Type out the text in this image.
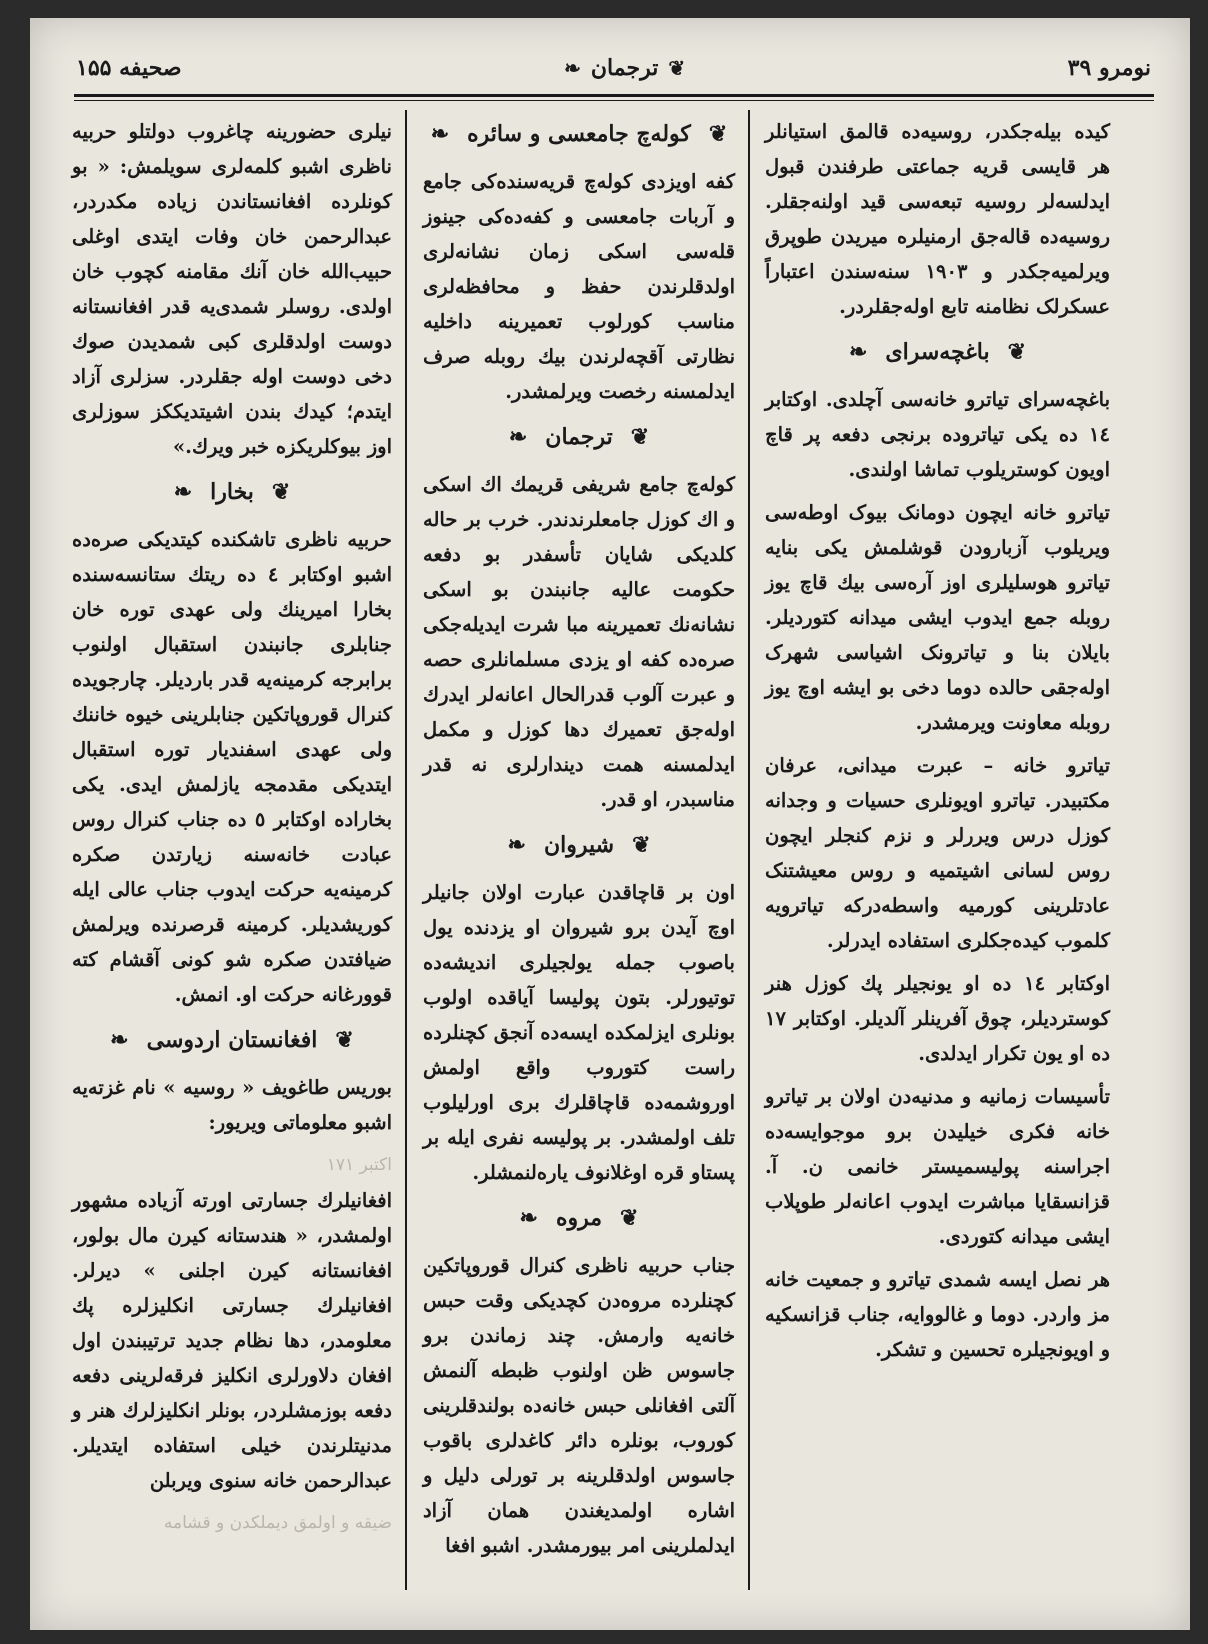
نومرو ۳۹
❦
ترجمان
❧
صحیفه ۱۵۵

کیده بیله‌جکدر، روسیه‌ده قالمق استیانلر هر قایسی قریه جماعتی طرفندن قبول ایدلسه‌لر روسیه تبعه‌سی قید اولنه‌جقلر. روسیه‌ده قاله‌جق ارمنیلره میریدن طوپرق ویرلمیه‌جکدر و ۱۹۰۳ سنه‌سندن اعتباراً عسکرلک نظامنه تابع اوله‌جقلردر.

❦
باغچه‌سرای
❧

باغچه‌سرای تیاترو خانه‌سی آچلدی. اوکتابر ۱٤ ده یکی تیاتروده برنجی دفعه پر قاچ اویون کوستریلوب تماشا اولندی.

تیاترو خانه ایچون دومانک بیوک اوطه‌سی ویریلوب آزبارودن قوشلمش یکی بنایه تیاترو هوسلیلری اوز آره‌سی بیك قاچ یوز روبله جمع ایدوب ایشی میدانه کتوردیلر. بایلان بنا و تیاترونک اشیاسی شهرک اوله‌جقی حالده دوما دخی بو ایشه اوچ یوز روبله معاونت ویرمشدر.

تیاترو خانه – عبرت میدانی، عرفان مکتبیدر. تیاترو اویونلری حسیات و وجدانه کوزل درس ویررلر و نزم کنجلر ایچون روس لسانی اشیتمیه و روس معیشتنک عادتلرینی کورمیه واسطه‌درکه تیاترویه کلموب کیده‌جکلری استفاده ایدرلر.

اوکتابر ۱٤ ده او یونجیلر پك کوزل هنر کوستردیلر، چوق آفرینلر آلدیلر. اوکتابر ۱۷ ده او یون تکرار ایدلدی.

تأسیسات زمانیه و مدنیه‌دن اولان بر تیاترو خانه فکری خیلیدن برو موجوایسه‌ده اجراسنه پولیسمیستر خانمی ن. آ. قزانسقایا مباشرت ایدوب اعانه‌لر طوپلاب ایشی میدانه کتوردی.

هر نصل ایسه شمدی تیاترو و جمعیت خانه مز واردر. دوما و غالووایه، جناب قزانسکیه و اویونجیلره تحسین و تشکر.

❦
کوله‌چ جامعسی و سائره
❧

کفه اویزدی کوله‌چ قریه‌سنده‌کی جامع و آربات جامعسی و کفه‌ده‌کی جینوز قله‌سی اسکی زمان نشانه‌لری اولدقلرندن حفظ و محافظه‌لری مناسب کورلوب تعمیرینه داخلیه نظارتی آقچه‌لرندن بیك روبله صرف ایدلمسنه رخصت ویرلمشدر.

❦
ترجمان
❧

کوله‌چ جامع شریفی قریمك اك اسکی و اك کوزل جامعلرندندر. خرب بر حاله کلدیکی شایان تأسفدر بو دفعه حکومت عالیه جانبندن بو اسکی نشانه‌نك تعمیرینه مبا شرت ایدیله‌جکی صره‌ده کفه او یزدی مسلمانلری حصه و عبرت آلوب قدرالحال اعانه‌لر ایدرك اوله‌جق تعمیرك دها کوزل و مکمل ایدلمسنه همت دیندار‌لری نه قدر مناسبدر، او قدر.

❦
شیروان
❧

اون بر قاچاقدن عبارت اولان جانیلر اوچ آیدن برو شیروان او یزدنده یول باصوب جمله یولجیلری اندیشه‌ده توتیورلر. بتون پولیسا آیاقده اولوب بونلری ایزلمکده ایسه‌ده آنجق کچنلرده راست کتوروب واقع اولمش اوروشمه‌ده قاچاقلرك بری اورلیلوب تلف اولمشدر. بر پولیسه نفری ایله بر پستاو قره اوغلانوف یاره‌لنمشلر.

❦
مروه
❧

جناب حربیه ناظری کنرال قوروپاتکین کچنلرده مروه‌دن کچدیکی وقت حبس خانه‌یه وارمش. چند زماندن برو جاسوس ظن اولنوب ظبطه آلنمش آلتی افغانلی حبس خانه‌ده بولندقلرینی کوروب، بونلره دائر کاغدلری باقوب جاسوس اولدقلرینه بر تورلی دلیل و اشاره اولمدیغندن همان آزاد ایدلملرینی امر بیورمشدر. اشبو افغا

نیلری حضورینه چاغروب دولتلو حربیه ناظری اشبو کلمه‌لری سویلمش: « بو کونلرده افغانستاندن زیاده مکدردر، عبدالرحمن خان وفات ایتدی اوغلی حبیب‌الله خان آنك مقامنه کچوب خان اولدی. روسلر شمدی‌یه قدر افغانستانه دوست اولدقلری کبی شمدیدن صوك دخی دوست اوله جقلردر. سزلری آزاد ایتدم؛ کیدك بندن اشیتدیککز سوزلری اوز بیوکلریکزه خبر ویرك.»

❦
بخارا
❧

حربیه ناظری تاشکنده کیتدیکی صره‌ده اشبو اوکتابر ٤ ده ریتك ستانسه‌سنده بخارا امیرینك ولی عهدی توره خان جنابلری جانبندن استقبال اولنوب برابرجه کرمینه‌یه قدر باردیلر. چارجویده کنرال قوروپاتکین جنابلرینی خیوه خاننك ولی عهدی اسفندیار توره استقبال ایتدیکی مقدمجه یازلمش ایدی. یکی بخاراده اوکتابر ٥ ده جناب کنرال روس عبادت خانه‌سنه زیارتدن صکره کرمینه‌یه حرکت ایدوب جناب عالی ایله کوریشدیلر. کرمینه قرصرنده ویرلمش ضیافتدن صکره شو کونی آقشام کته قوورغانه حرکت او. انمش.

❦
افغانستان اردوسی
❧

بوریس طاغویف « روسیه » نام غزته‌یه اشبو معلوماتی ویریور:

اکتبر ۱۷۱

افغانیلرك جسارتی اورته آزیاده مشهور اولمشدر، « هندستانه کیرن مال بولور، افغانستانه کیرن اجلنی » دیرلر. افغانیلرك جسارتی انکلیزلره پك معلومدر، دها نظام جدید ترتیبندن اول افغان دلاورلری انکلیز فرقه‌لرینی دفعه دفعه بوزمشلردر، بونلر انکلیزلرك هنر و مدنیتلرندن خیلی استفاده ایتدیلر. عبدالرحمن خانه سنوی ویربلن

ضیقه و اولمق دیملکدن و قشامه
